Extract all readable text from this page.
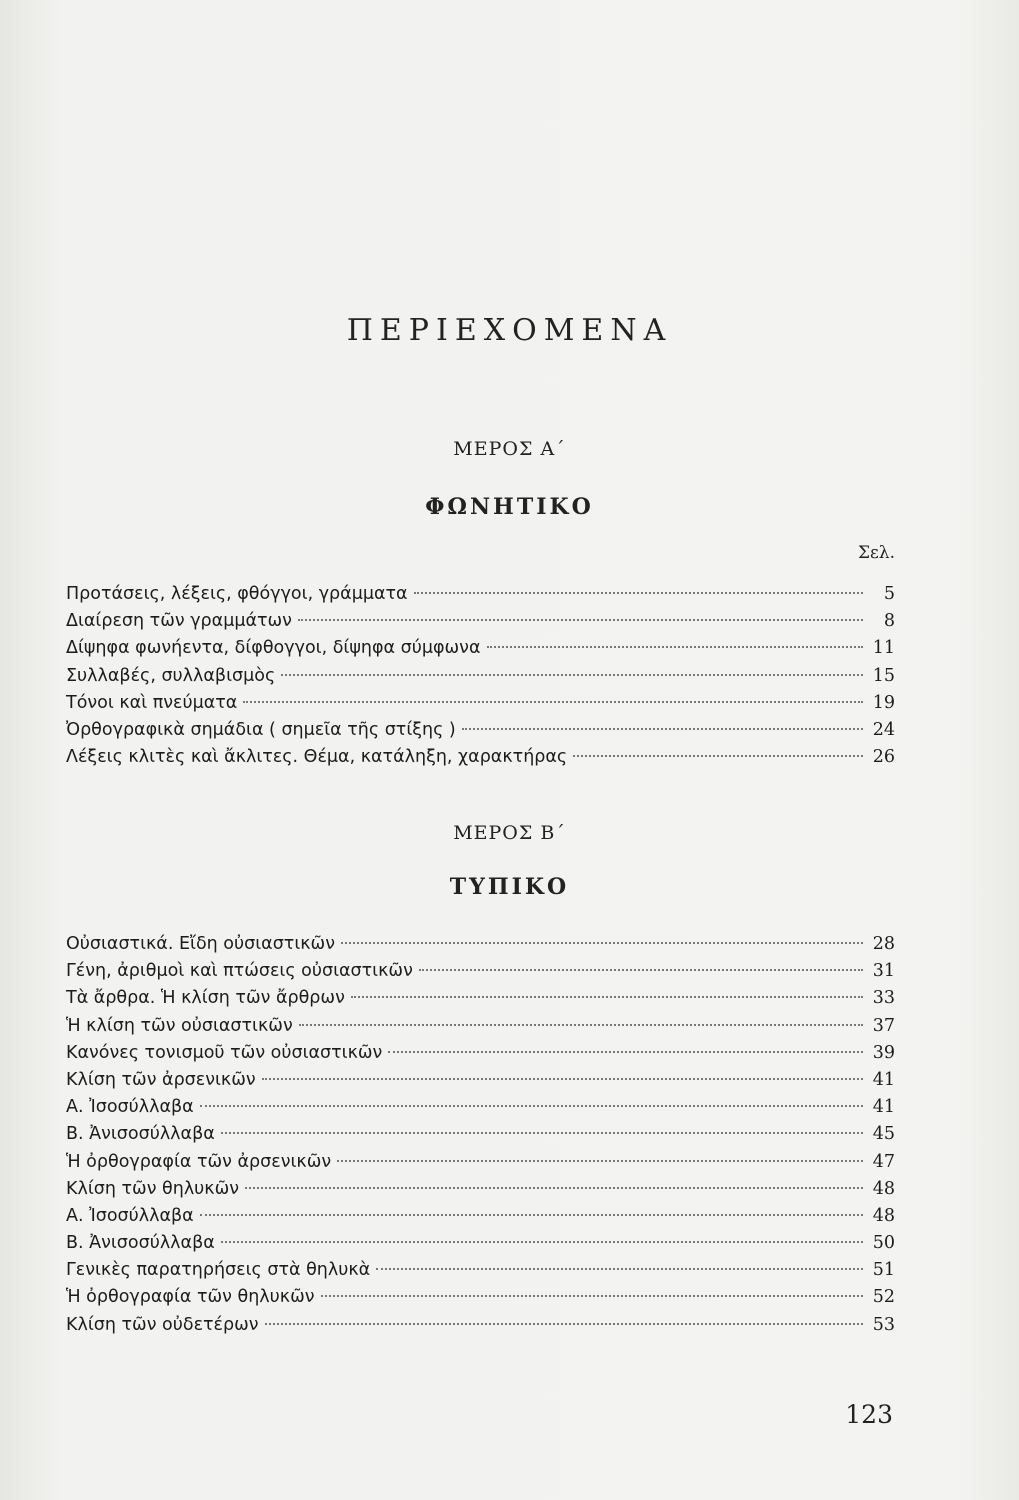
ΠΕΡΙΕΧΟΜΕΝΑ
ΜΕΡΟΣ Α΄
ΦΩΝΗΤΙΚΟ
Σελ.
Προτάσεις, λέξεις, φθόγγοι, γράμματα	5
Διαίρεση τῶν γραμμάτων	8
Δίψηφα φωνήεντα, δίφθογγοι, δίψηφα σύμφωνα	11
Συλλαβές, συλλαβισμὸς	15
Τόνοι καὶ πνεύματα	19
Ὀρθογραφικὰ σημάδια ( σημεῖα τῆς στίξης )	24
Λέξεις κλιτὲς καὶ ἄκλιτες. Θέμα, κατάληξη, χαρακτήρας	26
ΜΕΡΟΣ Β΄
ΤΥΠΙΚΟ
Οὐσιαστικά. Εἴδη οὐσιαστικῶν	28
Γένη, ἀριθμοὶ καὶ πτώσεις οὐσιαστικῶν	31
Τὰ ἄρθρα. Ἡ κλίση τῶν ἄρθρων	33
Ἡ κλίση τῶν οὐσιαστικῶν	37
Κανόνες τονισμοῦ τῶν οὐσιαστικῶν	39
Κλίση τῶν ἀρσενικῶν	41
Α. Ἰσοσύλλαβα	41
Β. Ἀνισοσύλλαβα	45
Ἡ ὀρθογραφία τῶν ἀρσενικῶν	47
Κλίση τῶν θηλυκῶν	48
Α. Ἰσοσύλλαβα	48
Β. Ἀνισοσύλλαβα	50
Γενικὲς παρατηρήσεις στὰ θηλυκὰ	51
Ἡ ὀρθογραφία τῶν θηλυκῶν	52
Κλίση τῶν οὐδετέρων	53
123
